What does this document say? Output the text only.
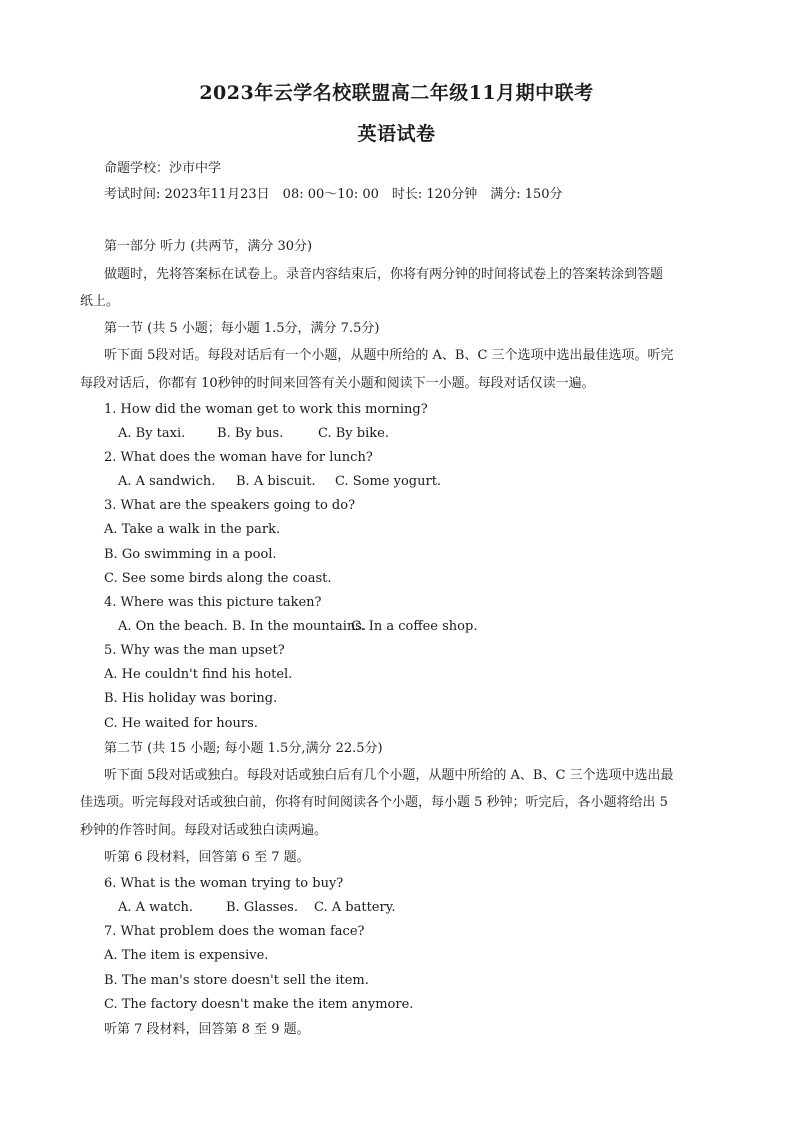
2023年云学名校联盟高二年级11月期中联考
英语试卷
命题学校：沙市中学
考试时间: 2023年11月23日　08: 00～10: 00　时长: 120分钟　满分: 150分
第一部分 听力 (共两节，满分 30分)
做题时，先将答案标在试卷上。录音内容结束后，你将有两分钟的时间将试卷上的答案转涂到答题
纸上。
第一节 (共 5 小题；每小题 1.5分，满分 7.5分)
听下面 5段对话。每段对话后有一个小题，从题中所给的 A、B、C 三个选项中选出最佳选项。听完
每段对话后，你都有 10秒钟的时间来回答有关小题和阅读下一小题。每段对话仅读一遍。
1. How did the woman get to work this morning?
A. By taxi. B. By bus.	C. By bike.
2. What does the woman have for lunch?
A. A sandwich. B. A biscuit. C. Some yogurt.
3. What are the speakers going to do?
A. Take a walk in the park.
B. Go swimming in a pool.
C. See some birds along the coast.
4. Where was this picture taken?
A. On the beach. B. In the mountains.
C. In a coffee shop.
5. Why was the man upset?
A. He couldn't find his hotel.
B. His holiday was boring.
C. He waited for hours.
第二节 (共 15 小题; 每小题 1.5分,满分 22.5分)
听下面 5段对话或独白。每段对话或独白后有几个小题，从题中所给的 A、B、C 三个选项中选出最
佳选项。听完每段对话或独白前，你将有时间阅读各个小题，每小题 5 秒钟；听完后，各小题将给出 5
秒钟的作答时间。每段对话或独白读两遍。
听第 6 段材料，回答第 6 至 7 题。
6. What is the woman trying to buy?
A. A watch.	B. Glasses. C. A battery.
7. What problem does the woman face?
A. The item is expensive.
B. The man's store doesn't sell the item.
C. The factory doesn't make the item anymore.
听第 7 段材料，回答第 8 至 9 题。
